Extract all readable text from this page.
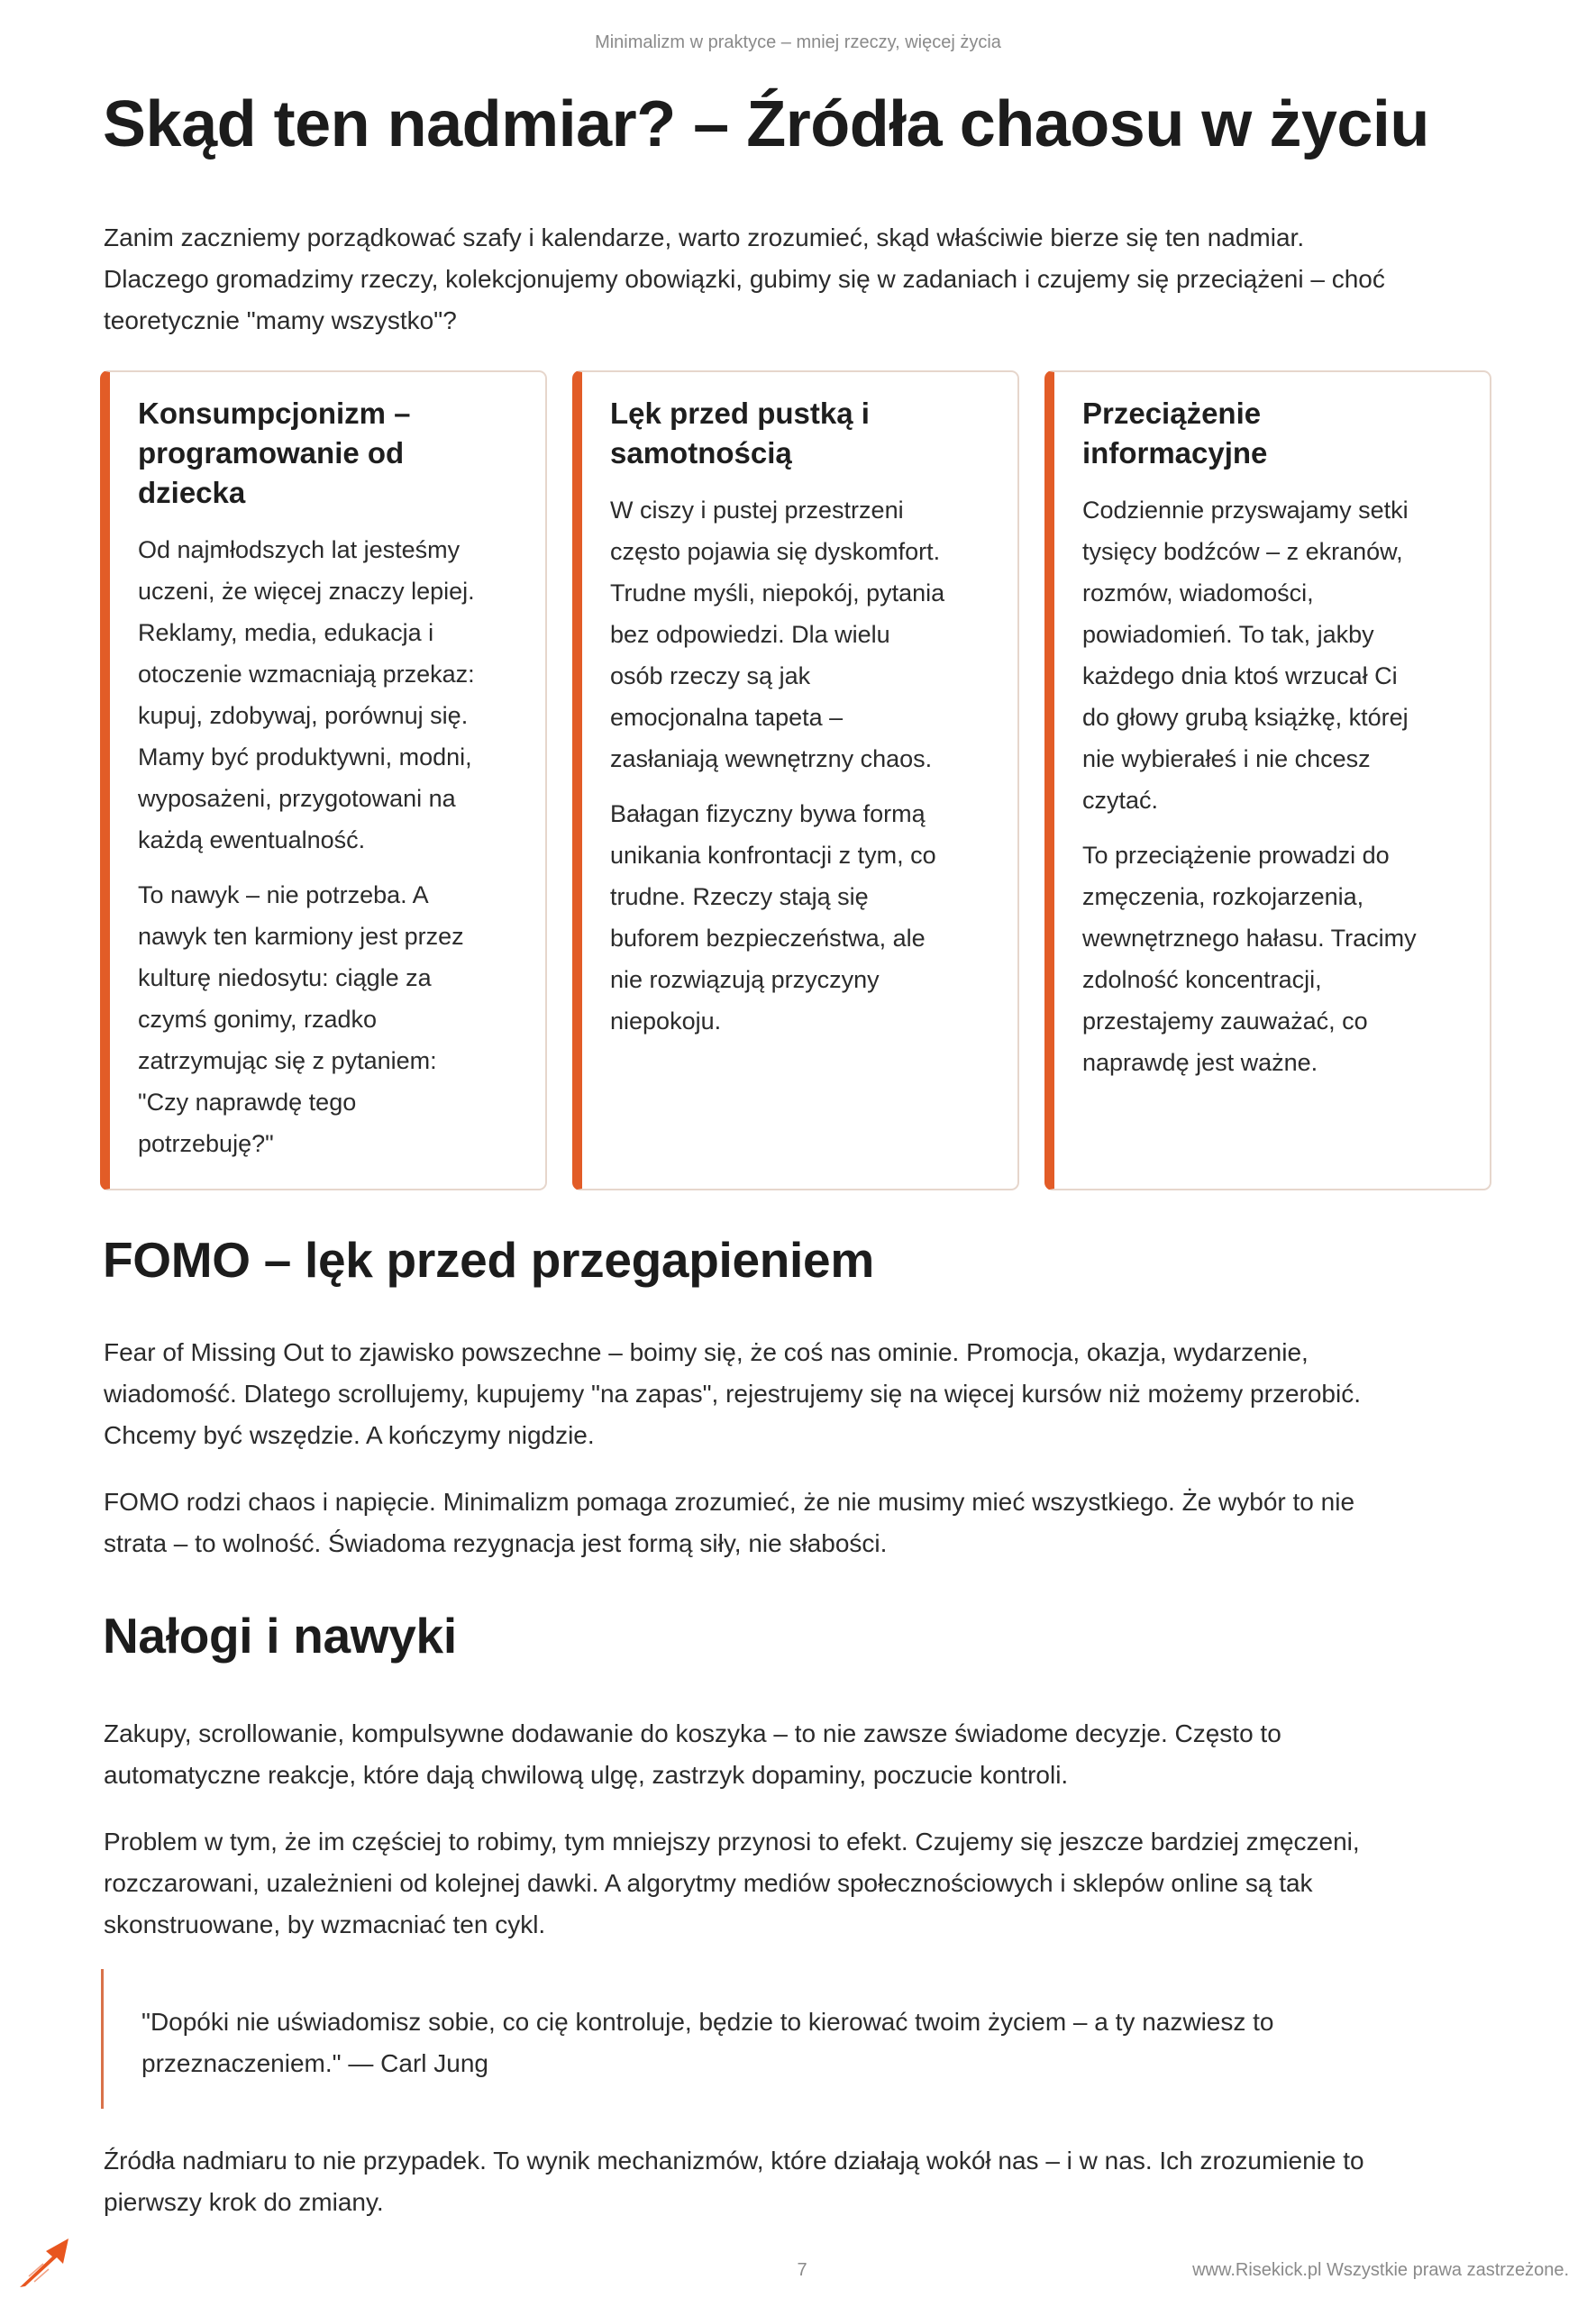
Minimalizm w praktyce – mniej rzeczy, więcej życia
Skąd ten nadmiar? – Źródła chaosu w życiu
Zanim zaczniemy porządkować szafy i kalendarze, warto zrozumieć, skąd właściwie bierze się ten nadmiar.
Dlaczego gromadzimy rzeczy, kolekcjonujemy obowiązki, gubimy się w zadaniach i czujemy się przeciążeni – choć
teoretycznie "mamy wszystko"?
Konsumpcjonizm –
programowanie od
dziecka

Od najmłodszych lat jesteśmy
uczeni, że więcej znaczy lepiej.
Reklamy, media, edukacja i
otoczenie wzmacniają przekaz:
kupuj, zdobywaj, porównuj się.
Mamy być produktywni, modni,
wyposażeni, przygotowani na
każdą ewentualność.

To nawyk – nie potrzeba. A
nawyk ten karmiony jest przez
kulturę niedosytu: ciągle za
czymś gonimy, rzadko
zatrzymując się z pytaniem:
"Czy naprawdę tego
potrzebuję?"

Lęk przed pustką i
samotnością

W ciszy i pustej przestrzeni
często pojawia się dyskomfort.
Trudne myśli, niepokój, pytania
bez odpowiedzi. Dla wielu
osób rzeczy są jak
emocjonalna tapeta –
zasłaniają wewnętrzny chaos.

Bałagan fizyczny bywa formą
unikania konfrontacji z tym, co
trudne. Rzeczy stają się
buforem bezpieczeństwa, ale
nie rozwiązują przyczyny
niepokoju.

Przeciążenie
informacyjne

Codziennie przyswajamy setki
tysięcy bodźców – z ekranów,
rozmów, wiadomości,
powiadomień. To tak, jakby
każdego dnia ktoś wrzucał Ci
do głowy grubą książkę, której
nie wybierałeś i nie chcesz
czytać.

To przeciążenie prowadzi do
zmęczenia, rozkojarzenia,
wewnętrznego hałasu. Tracimy
zdolność koncentracji,
przestajemy zauważać, co
naprawdę jest ważne.

FOMO – lęk przed przegapieniem
Fear of Missing Out to zjawisko powszechne – boimy się, że coś nas ominie. Promocja, okazja, wydarzenie,
wiadomość. Dlatego scrollujemy, kupujemy "na zapas", rejestrujemy się na więcej kursów niż możemy przerobić.
Chcemy być wszędzie. A kończymy nigdzie.
FOMO rodzi chaos i napięcie. Minimalizm pomaga zrozumieć, że nie musimy mieć wszystkiego. Że wybór to nie
strata – to wolność. Świadoma rezygnacja jest formą siły, nie słabości.
Nałogi i nawyki
Zakupy, scrollowanie, kompulsywne dodawanie do koszyka – to nie zawsze świadome decyzje. Często to
automatyczne reakcje, które dają chwilową ulgę, zastrzyk dopaminy, poczucie kontroli.
Problem w tym, że im częściej to robimy, tym mniejszy przynosi to efekt. Czujemy się jeszcze bardziej zmęczeni,
rozczarowani, uzależnieni od kolejnej dawki. A algorytmy mediów społecznościowych i sklepów online są tak
skonstruowane, by wzmacniać ten cykl.
"Dopóki nie uświadomisz sobie, co cię kontroluje, będzie to kierować twoim życiem – a ty nazwiesz to
przeznaczeniem." — Carl Jung
Źródła nadmiaru to nie przypadek. To wynik mechanizmów, które działają wokół nas – i w nas. Ich zrozumienie to
pierwszy krok do zmiany.
7	www.Risekick.pl Wszystkie prawa zastrzeżone.
